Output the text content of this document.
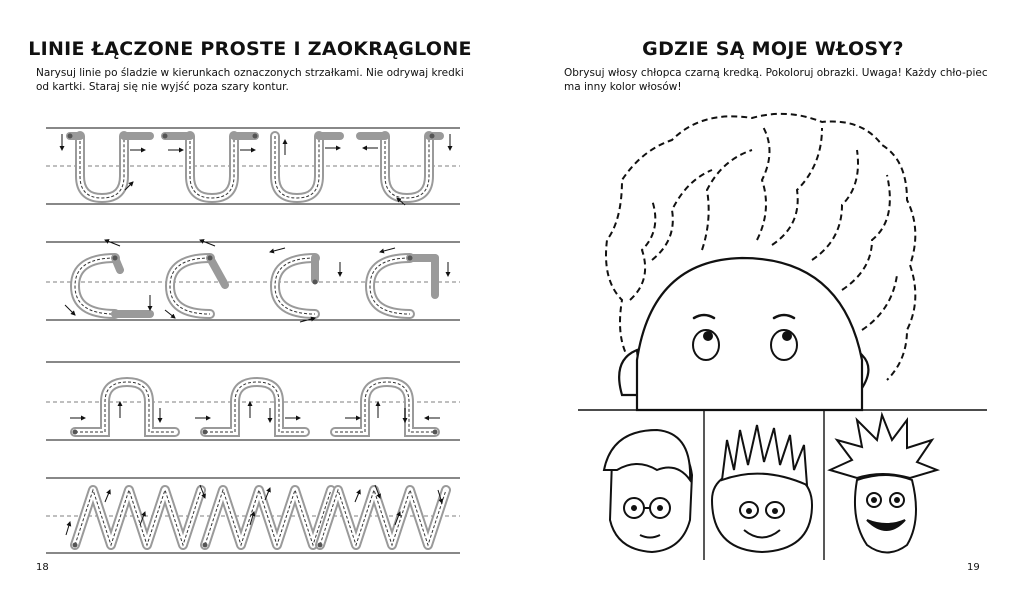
LINIE ŁĄCZONE PROSTE I ZAOKRĄGLONE

Narysuj linie po śladzie w kierunkach oznaczonych strzałkami. Nie odrywaj kredki od kartki. Staraj się nie wyjść poza szary kontur.

18
GDZIE SĄ MOJE WŁOSY?

Obrysuj włosy chłopca czarną kredką. Pokoloruj obrazki. Uwaga! Każdy chło-piec ma inny kolor włosów!

19
